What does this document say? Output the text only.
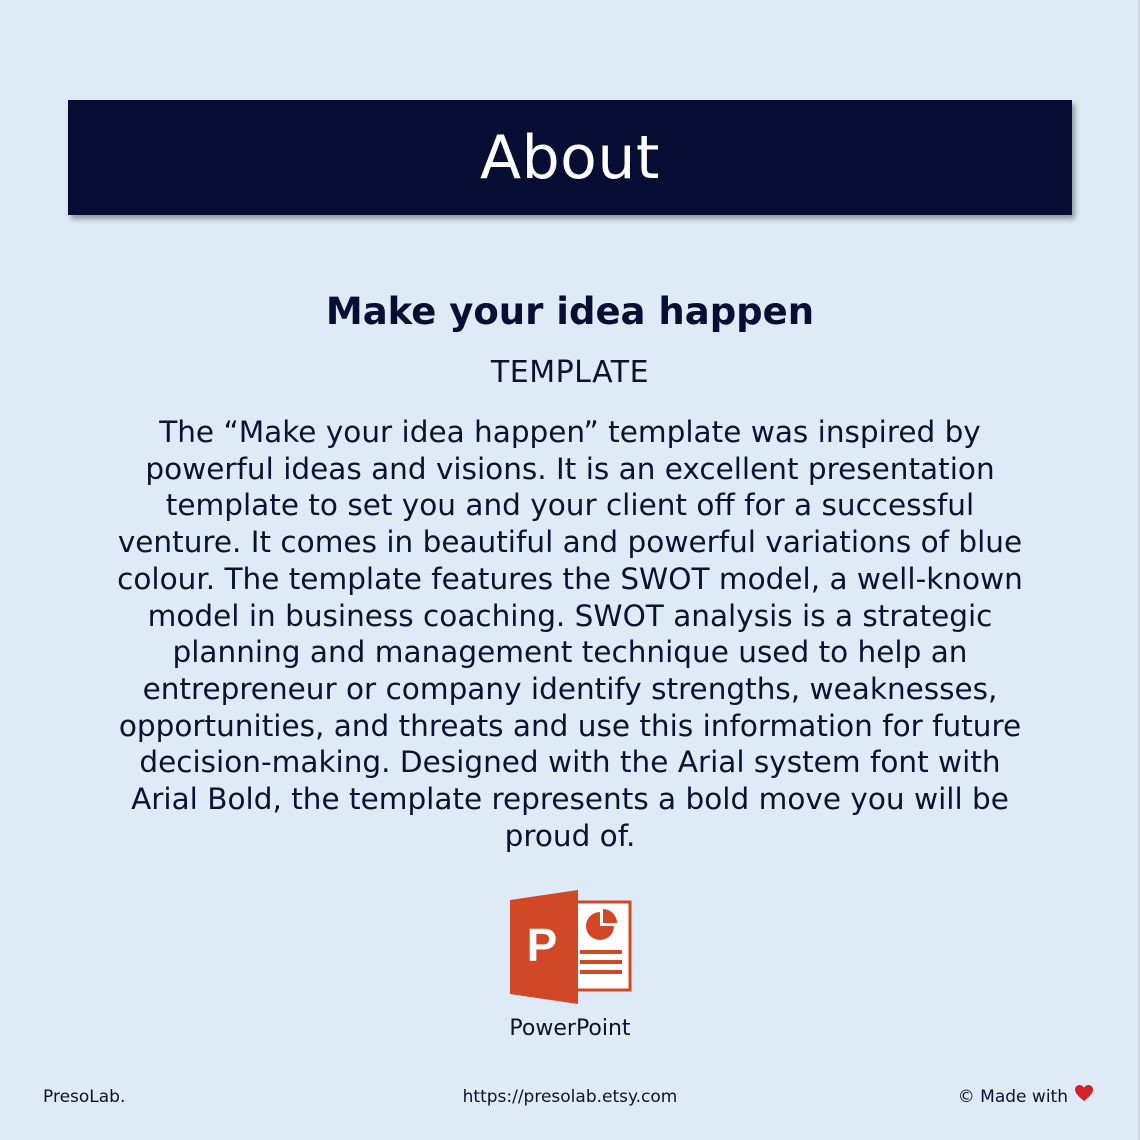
About
Make your idea happen
TEMPLATE
The “Make your idea happen” template was inspired by powerful ideas and visions. It is an excellent presentation template to set you and your client off for a successful venture. It comes in beautiful and powerful variations of blue colour. The template features the SWOT model, a well-known model in business coaching. SWOT analysis is a strategic planning and management technique used to help an entrepreneur or company identify strengths, weaknesses, opportunities, and threats and use this information for future decision-making. Designed with the Arial system font with Arial Bold, the template represents a bold move you will be proud of.
P
PowerPoint
PresoLab.	https://presolab.etsy.com	© Made with
